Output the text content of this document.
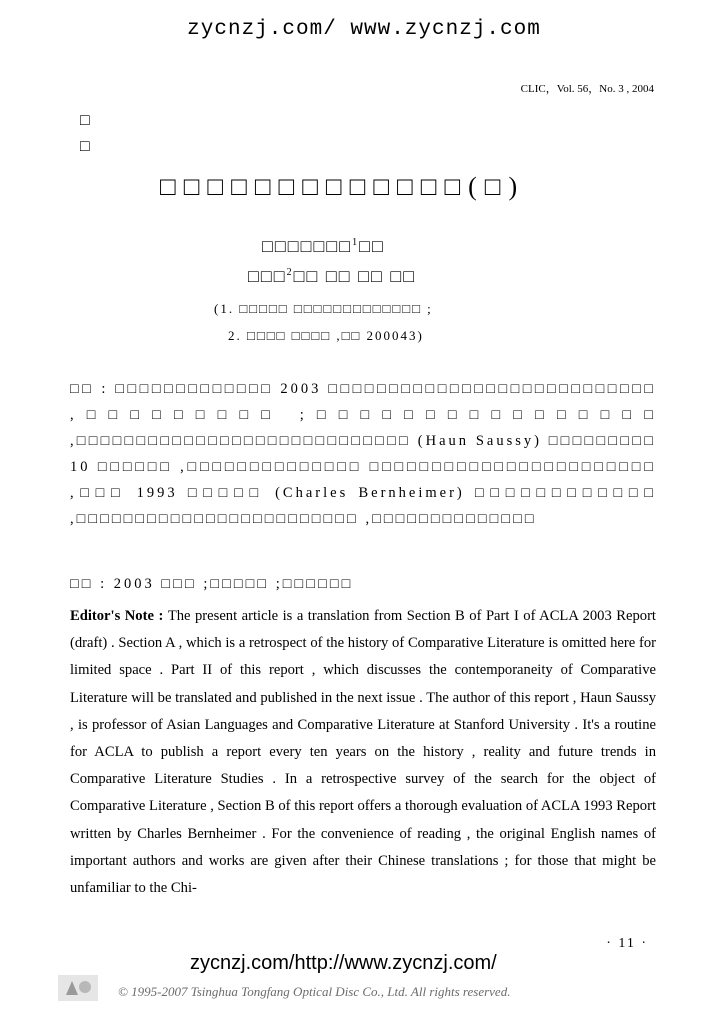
zycnzj.com/ www.zycnzj.com
CLIC，Vol. 56，No. 3 , 2004
□
□
□□□□□□□□□□□□□(□)
□□□□□□□$^1$□□
□□□$^2$□□ □□ □□ □□
(1. □□□□□ □□□□□□□□□□□□□ ;
2. □□□□ □□□□ ,□□ 200043)
□□ : □□□□□□□□□□□□□ 2003 □□□□□□□□□□□□□□□□□□□□□□□□□□□ ,□□□□□□□□□ ;□□□□□□□□□□□□□□□□ ,□□□□□□□□□□□□□□□□□□□□□□□□□□□□ (Haun Saussy) □□□□□□□□□ 10 □□□□□□ ,□□□□□□□□□□□□□□ □□□□□□□□□□□□□□□□□□□□□□□ ,□□□ 1993 □□□□□ (Charles Bernheimer) □□□□□□□□□□□□ ,□□□□□□□□□□□□□□□□□□□□□□□□ ,□□□□□□□□□□□□□□
□□ : 2003 □□□ ;□□□□□ ;□□□□□□
Editor's Note : The present article is a translation from Section B of Part I of ACLA 2003 Report (draft) . Section A , which is a retrospect of the history of Comparative Literature is omitted here for limited space . Part II of this report , which discusses the contemporaneity of Comparative Literature will be translated and published in the next issue . The author of this report , Haun Saussy , is professor of Asian Languages and Comparative Literature at Stanford University . It's a routine for ACLA to publish a report every ten years on the history , reality and future trends in Comparative Literature Studies . In a retrospective survey of the search for the object of Comparative Literature , Section B of this report offers a thorough evaluation of ACLA 1993 Report written by Charles Bernheimer . For the convenience of reading , the original English names of important authors and works are given after their Chinese translations ; for those that might be unfamiliar to the Chi-
· 11 ·
zycnzj.com/http://www.zycnzj.com/
© 1995-2007 Tsinghua Tongfang Optical Disc Co., Ltd. All rights reserved.
